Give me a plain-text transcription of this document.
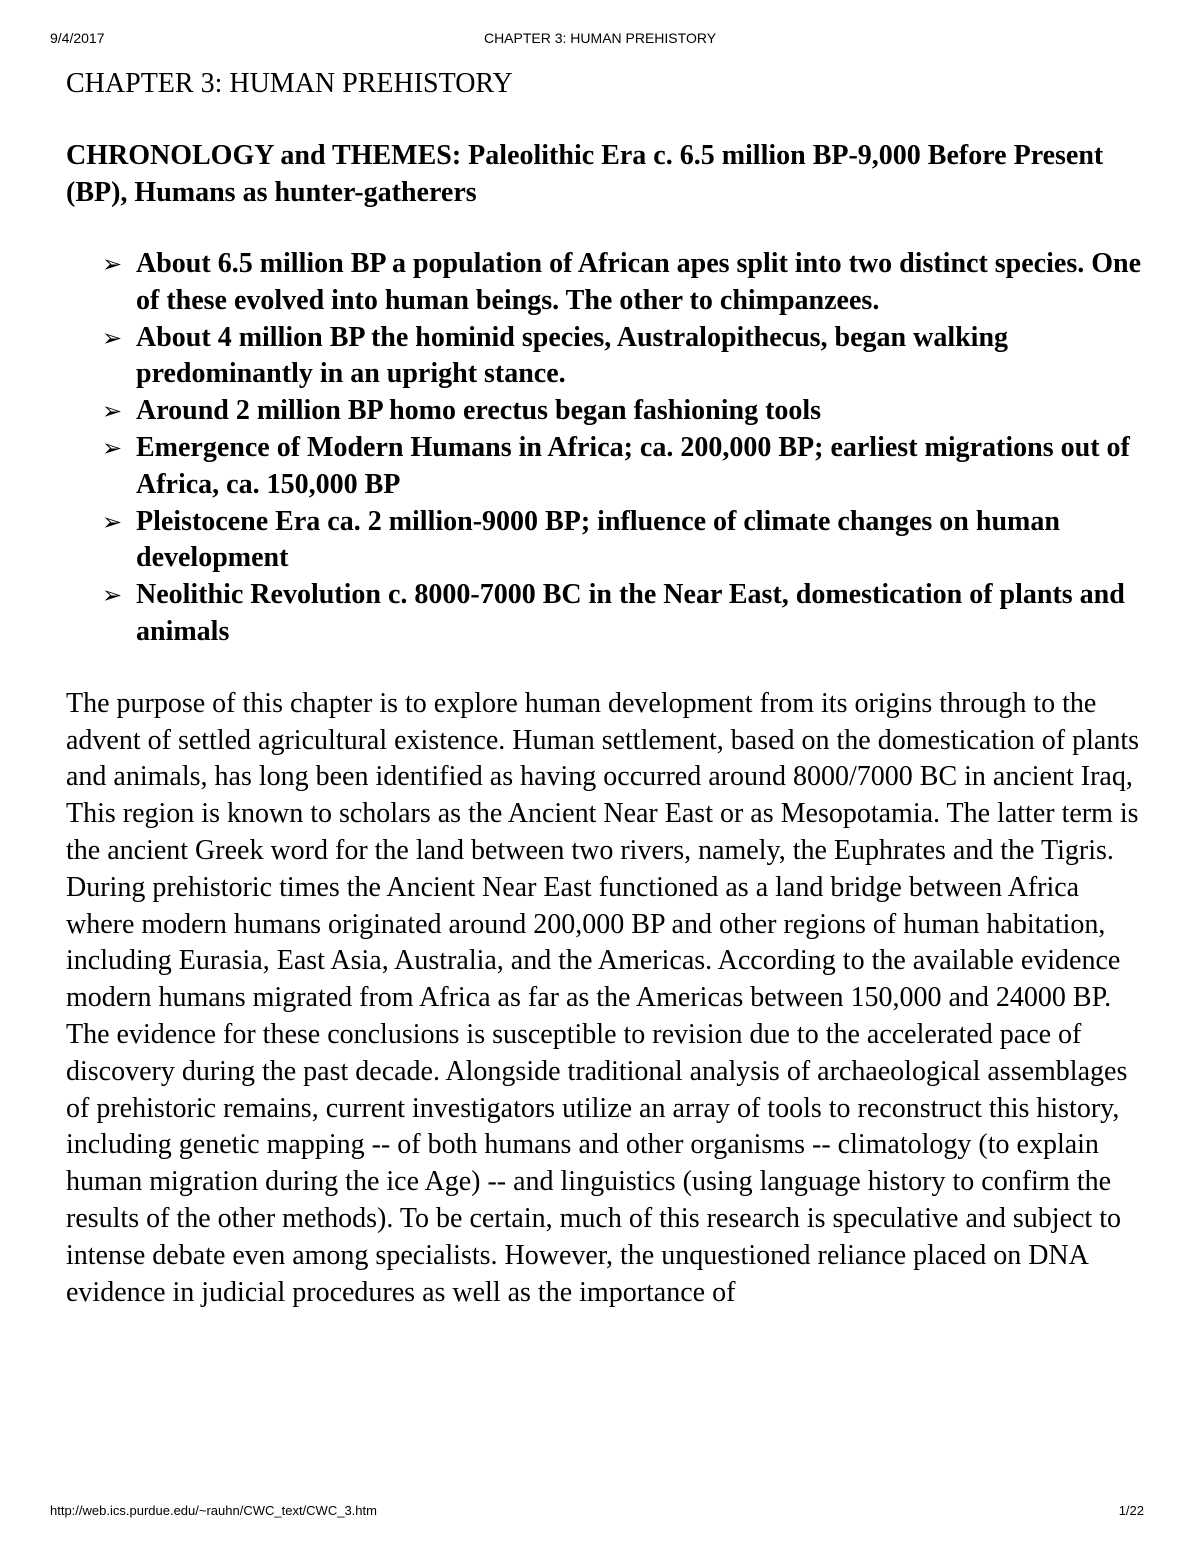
9/4/2017	CHAPTER 3: HUMAN PREHISTORY
CHAPTER 3: HUMAN PREHISTORY

CHRONOLOGY and THEMES: Paleolithic Era c. 6.5 million BP-9,000 Before Present (BP), Humans as hunter-gatherers

➢ About 6.5 million BP a population of African apes split into two distinct species. One of these evolved into human beings. The other to chimpanzees.
➢ About 4 million BP the hominid species, Australopithecus, began walking predominantly in an upright stance.
➢ Around 2 million BP homo erectus began fashioning tools
➢ Emergence of Modern Humans in Africa; ca. 200,000 BP; earliest migrations out of Africa, ca. 150,000 BP
➢ Pleistocene Era ca. 2 million-9000 BP; influence of climate changes on human development
➢ Neolithic Revolution c. 8000-7000 BC in the Near East, domestication of plants and animals

The purpose of this chapter is to explore human development from its origins through to the advent of settled agricultural existence. Human settlement, based on the domestication of plants and animals, has long been identified as having occurred around 8000/7000 BC in ancient Iraq, This region is known to scholars as the Ancient Near East or as Mesopotamia. The latter term is the ancient Greek word for the land between two rivers, namely, the Euphrates and the Tigris. During prehistoric times the Ancient Near East functioned as a land bridge between Africa where modern humans originated around 200,000 BP and other regions of human habitation, including Eurasia, East Asia, Australia, and the Americas. According to the available evidence modern humans migrated from Africa as far as the Americas between 150,000 and 24000 BP. The evidence for these conclusions is susceptible to revision due to the accelerated pace of discovery during the past decade. Alongside traditional analysis of archaeological assemblages of prehistoric remains, current investigators utilize an array of tools to reconstruct this history, including genetic mapping -- of both humans and other organisms -- climatology (to explain human migration during the ice Age) -- and linguistics (using language history to confirm the results of the other methods). To be certain, much of this research is speculative and subject to intense debate even among specialists. However, the unquestioned reliance placed on DNA evidence in judicial procedures as well as the importance of

http://web.ics.purdue.edu/~rauhn/CWC_text/CWC_3.htm	1/22
